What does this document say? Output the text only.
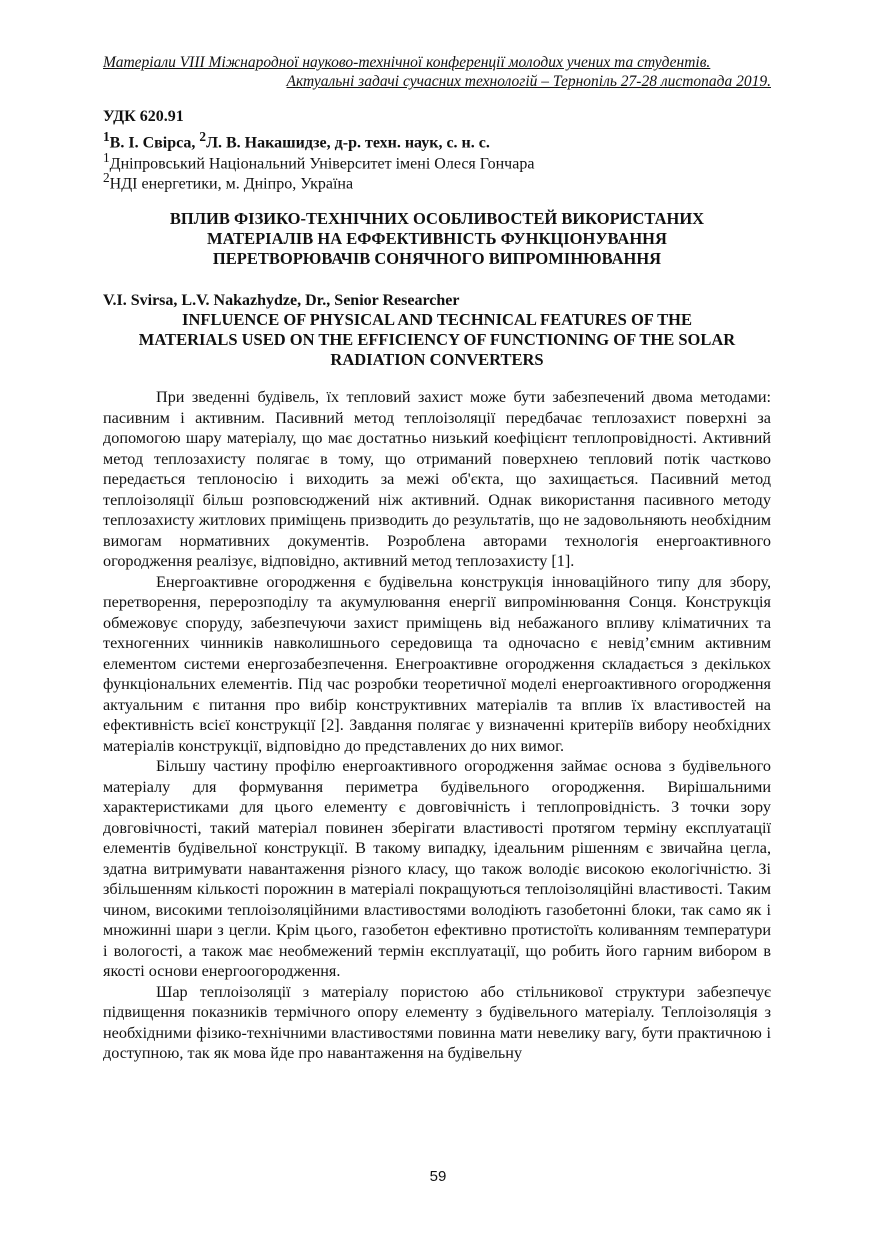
Матеріали VIII Міжнародної науково-технічної конференції молодих учених та студентів.
Актуальні задачі сучасних технологій – Тернопіль 27-28 листопада 2019.
УДК 620.91
$^1$В. І. Свірса, $^2$Л. В. Накашидзе, д-р. техн. наук, с. н. с.
$^1$Дніпровський Національний Університет імені Олеся Гончара
$^2$НДІ енергетики, м. Дніпро, Україна
ВПЛИВ ФІЗИКО-ТЕХНІЧНИХ ОСОБЛИВОСТЕЙ ВИКОРИСТАНИХ
МАТЕРІАЛІВ НА ЕФФЕКТИВНІСТЬ ФУНКЦІОНУВАННЯ
ПЕРЕТВОРЮВАЧІВ СОНЯЧНОГО ВИПРОМІНЮВАННЯ
V.I. Svirsa, L.V. Nakazhydze, Dr., Senior Researcher
INFLUENCE OF PHYSICAL AND TECHNICAL FEATURES OF THE
MATERIALS USED ON THE EFFICIENCY OF FUNCTIONING OF THE SOLAR
RADIATION CONVERTERS

При зведенні будівель, їх тепловий захист може бути забезпечений двома методами: пасивним і активним. Пасивний метод теплоізоляції передбачає теплозахист поверхні за допомогою шару матеріалу, що має достатньо низький коефіцієнт теплопровідності. Активний метод теплозахисту полягає в тому, що отриманий поверхнею тепловий потік частково передається теплоносію і виходить за межі об'єкта, що захищається. Пасивний метод теплоізоляції більш розповсюджений ніж активний. Однак використання пасивного методу теплозахисту житлових приміщень призводить до результатів, що не задовольняють необхідним вимогам нормативних документів. Розроблена авторами технологія енергоактивного огородження реалізує, відповідно, активний метод теплозахисту [1].

Енергоактивне огородження є будівельна конструкція інноваційного типу для збору, перетворення, перерозподілу та акумулювання енергії випромінювання Сонця. Конструкція обмежовує споруду, забезпечуючи захист приміщень від небажаного впливу кліматичних та техногенних чинників навколишнього середовища та одночасно є невід’ємним активним елементом системи енергозабезпечення. Енегроактивне огородження складається з декількох функціональних елементів. Під час розробки теоретичної моделі енергоактивного огородження актуальним є питання про вибір конструктивних матеріалів та вплив їх властивостей на ефективність всієї конструкції [2]. Завдання полягає у визначенні критеріїв вибору необхідних матеріалів конструкції, відповідно до представлених до них вимог.

Більшу частину профілю енергоактивного огородження займає основа з будівельного матеріалу для формування периметра будівельного огородження. Вирішальними характеристиками для цього елементу є довговічність і теплопровідність. З точки зору довговічності, такий матеріал повинен зберігати властивості протягом терміну експлуатації елементів будівельної конструкції. В такому випадку, ідеальним рішенням є звичайна цегла, здатна витримувати навантаження різного класу, що також володіє високою екологічністю. Зі збільшенням кількості порожнин в матеріалі покращуються теплоізоляційні властивості. Таким чином, високими теплоізоляційними властивостями володіють газобетонні блоки, так само як і множинні шари з цегли. Крім цього, газобетон ефективно протистоїть коливанням температури і вологості, а також має необмежений термін експлуатації, що робить його гарним вибором в якості основи енергоогородження.

Шар теплоізоляції з матеріалу пористою або стільникової структури забезпечує підвищення показників термічного опору елементу з будівельного матеріалу. Теплоізоляція з необхідними фізико-технічними властивостями повинна мати невелику вагу, бути практичною і доступною, так як мова йде про навантаження на будівельну

59
